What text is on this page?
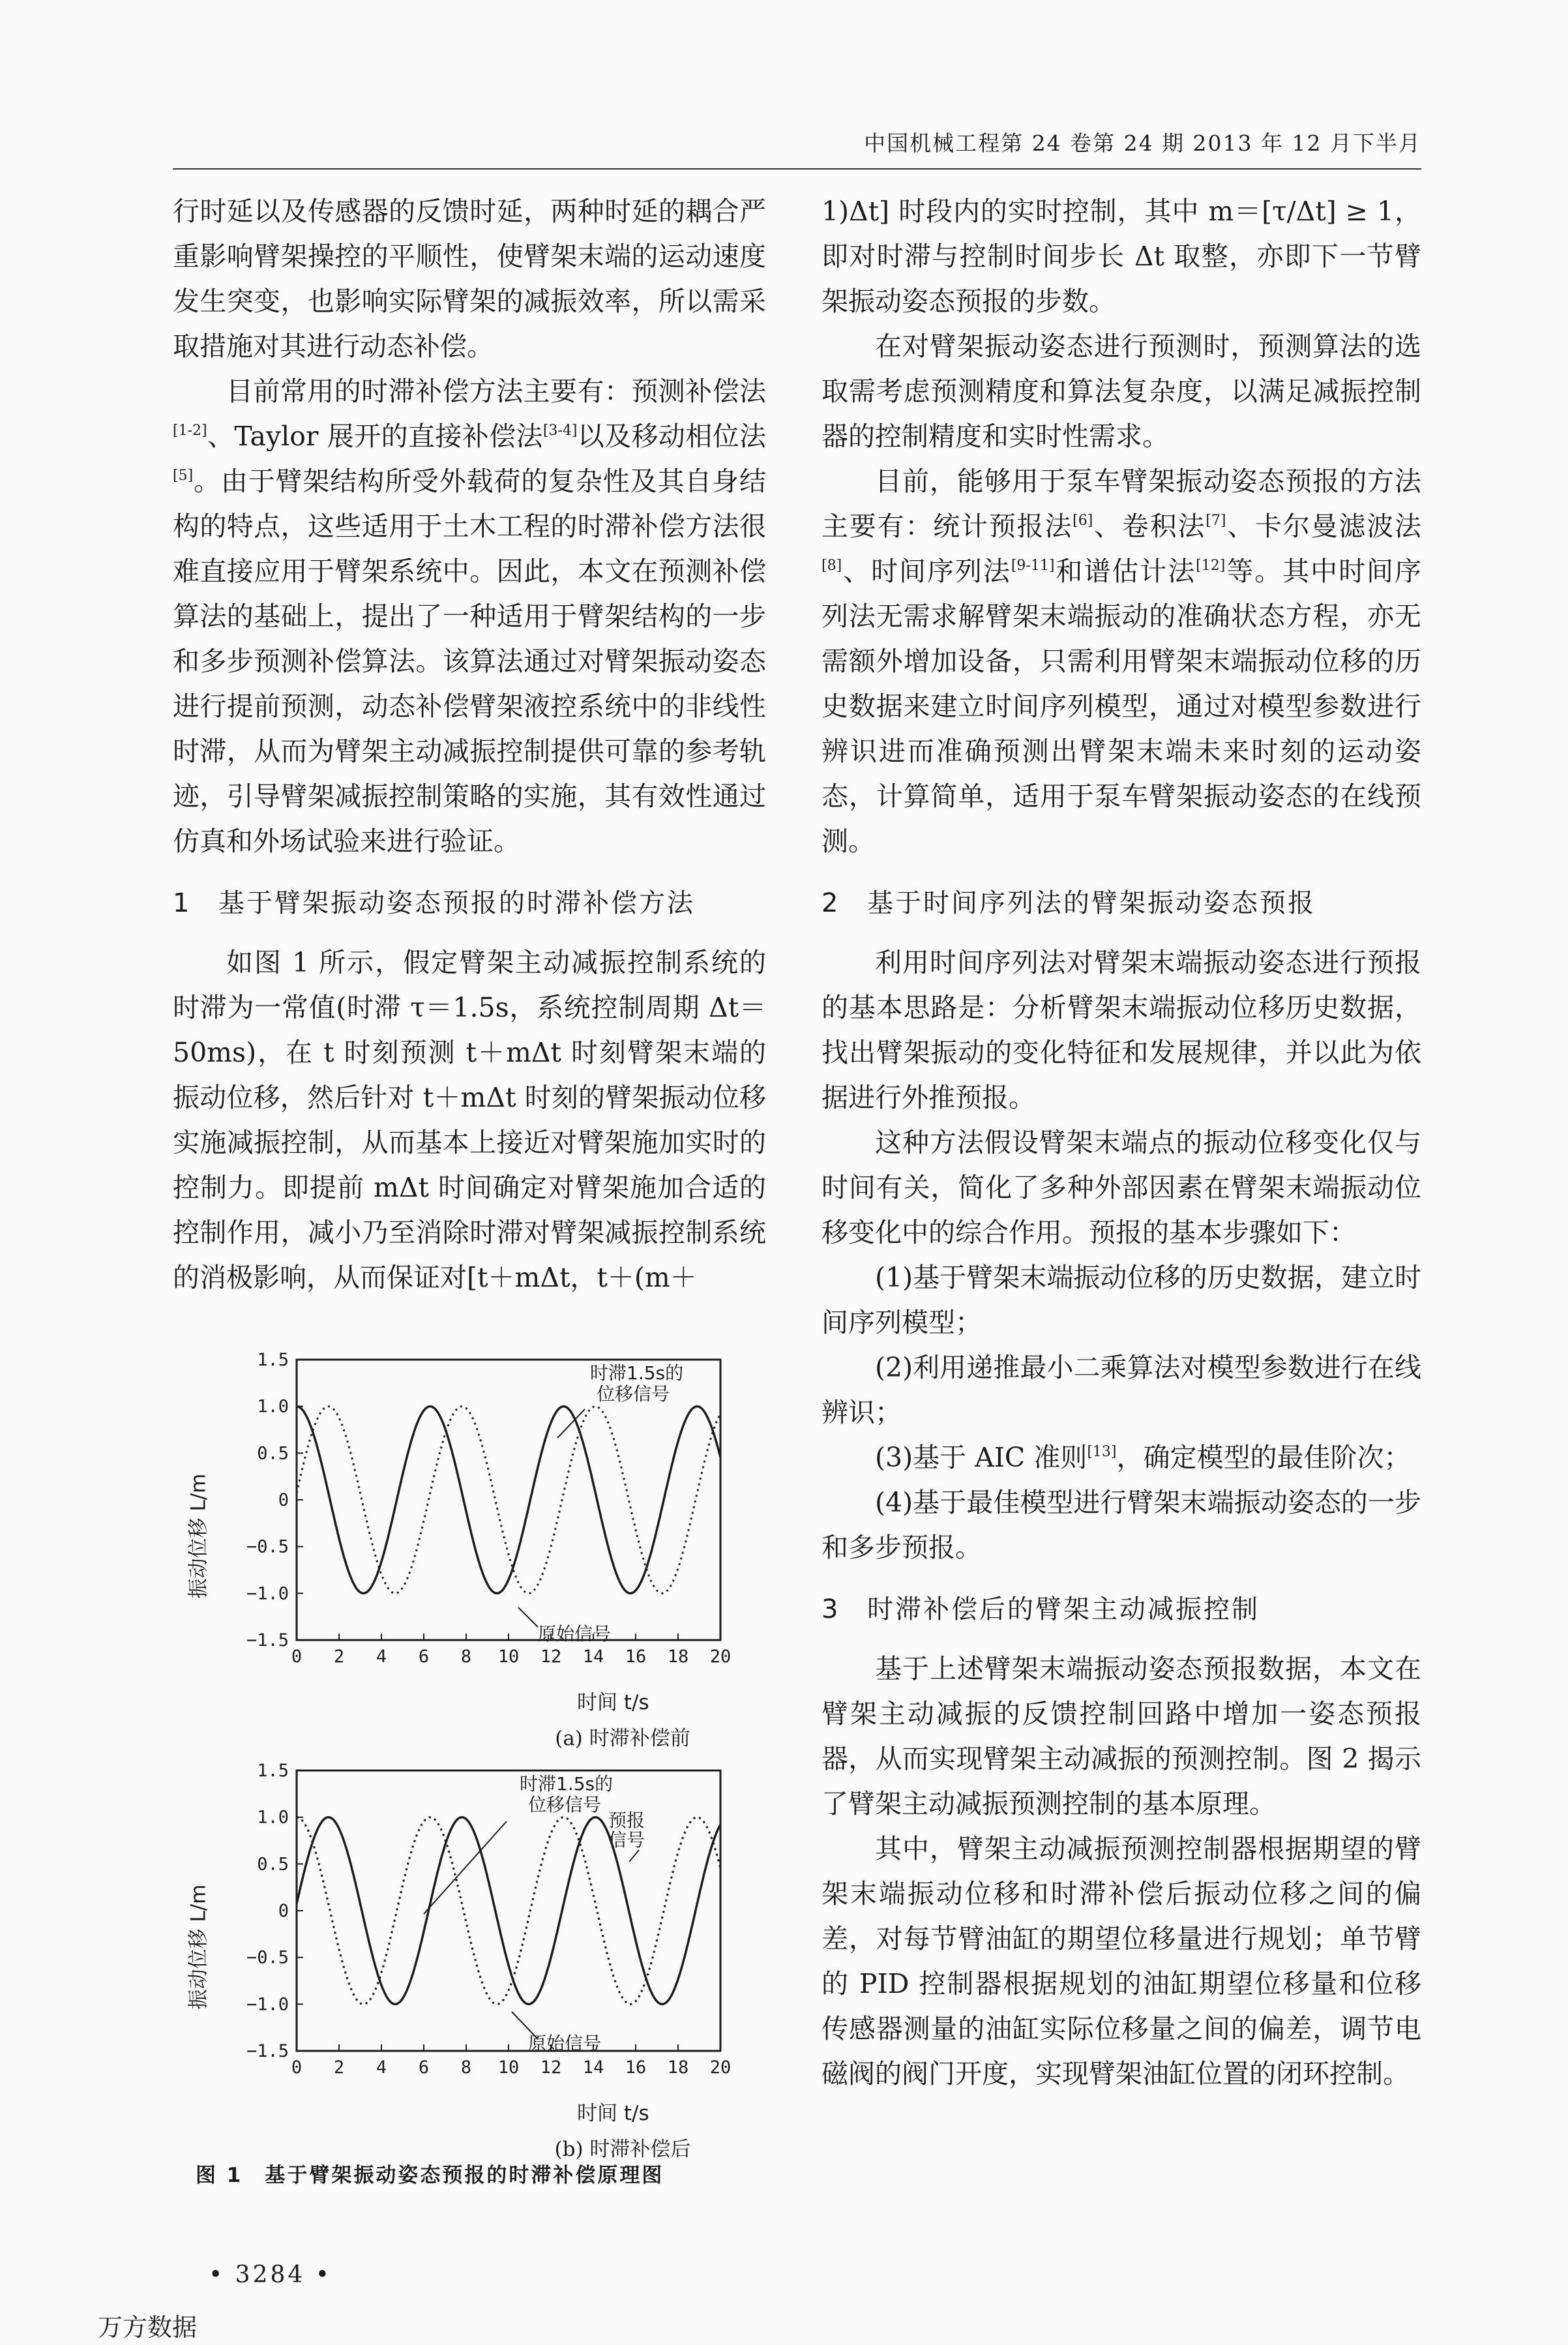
中国机械工程第 24 卷第 24 期 2013 年 12 月下半月

行时延以及传感器的反馈时延，两种时延的耦合严重影响臂架操控的平顺性，使臂架末端的运动速度发生突变，也影响实际臂架的减振效率，所以需采取措施对其进行动态补偿。

目前常用的时滞补偿方法主要有：预测补偿法[1-2]、Taylor 展开的直接补偿法[3-4]以及移动相位法[5]。由于臂架结构所受外载荷的复杂性及其自身结构的特点，这些适用于土木工程的时滞补偿方法很难直接应用于臂架系统中。因此，本文在预测补偿算法的基础上，提出了一种适用于臂架结构的一步和多步预测补偿算法。该算法通过对臂架振动姿态进行提前预测，动态补偿臂架液控系统中的非线性时滞，从而为臂架主动减振控制提供可靠的参考轨迹，引导臂架减振控制策略的实施，其有效性通过仿真和外场试验来进行验证。

1 基于臂架振动姿态预报的时滞补偿方法

如图 1 所示，假定臂架主动减振控制系统的时滞为一常值(时滞 τ＝1.5s，系统控制周期 Δt＝50ms)，在 t 时刻预测 t＋mΔt 时刻臂架末端的振动位移，然后针对 t＋mΔt 时刻的臂架振动位移实施减振控制，从而基本上接近对臂架施加实时的控制力。即提前 mΔt 时间确定对臂架施加合适的控制作用，减小乃至消除时滞对臂架减振控制系统的消极影响，从而保证对[t＋mΔt，t＋(m＋

0 2 4 6 8 10 12 14 16 18 20
1.5
1.0
0.5
0
−0.5
−1.0
−1.5
时滞1.5s的
位移信号
原始信号
振动位移 L/m
时间 t/s
(a) 时滞补偿前
0 2 4 6 8 10 12 14 16 18 20
1.5
1.0
0.5
0
−0.5
−1.0
−1.5
时滞1.5s的
位移信号
预报
信号
原始信号
振动位移 L/m
时间 t/s
(b) 时滞补偿后
图 1　基于臂架振动姿态预报的时滞补偿原理图

1)Δt] 时段内的实时控制，其中 m＝[τ/Δt] ≥ 1，即对时滞与控制时间步长 Δt 取整，亦即下一节臂架振动姿态预报的步数。

在对臂架振动姿态进行预测时，预测算法的选取需考虑预测精度和算法复杂度，以满足减振控制器的控制精度和实时性需求。

目前，能够用于泵车臂架振动姿态预报的方法主要有：统计预报法[6]、卷积法[7]、卡尔曼滤波法[8]、时间序列法[9-11]和谱估计法[12]等。其中时间序列法无需求解臂架末端振动的准确状态方程，亦无需额外增加设备，只需利用臂架末端振动位移的历史数据来建立时间序列模型，通过对模型参数进行辨识进而准确预测出臂架末端未来时刻的运动姿态，计算简单，适用于泵车臂架振动姿态的在线预测。

2 基于时间序列法的臂架振动姿态预报

利用时间序列法对臂架末端振动姿态进行预报的基本思路是：分析臂架末端振动位移历史数据，找出臂架振动的变化特征和发展规律，并以此为依据进行外推预报。

这种方法假设臂架末端点的振动位移变化仅与时间有关，简化了多种外部因素在臂架末端振动位移变化中的综合作用。预报的基本步骤如下：

(1)基于臂架末端振动位移的历史数据，建立时间序列模型；

(2)利用递推最小二乘算法对模型参数进行在线辨识；

(3)基于 AIC 准则[13]，确定模型的最佳阶次；

(4)基于最佳模型进行臂架末端振动姿态的一步和多步预报。

3 时滞补偿后的臂架主动减振控制

基于上述臂架末端振动姿态预报数据，本文在臂架主动减振的反馈控制回路中增加一姿态预报器，从而实现臂架主动减振的预测控制。图 2 揭示了臂架主动减振预测控制的基本原理。

其中，臂架主动减振预测控制器根据期望的臂架末端振动位移和时滞补偿后振动位移之间的偏差，对每节臂油缸的期望位移量进行规划；单节臂的 PID 控制器根据规划的油缸期望位移量和位移传感器测量的油缸实际位移量之间的偏差，调节电磁阀的阀门开度，实现臂架油缸位置的闭环控制。

• 3284 •
万方数据
